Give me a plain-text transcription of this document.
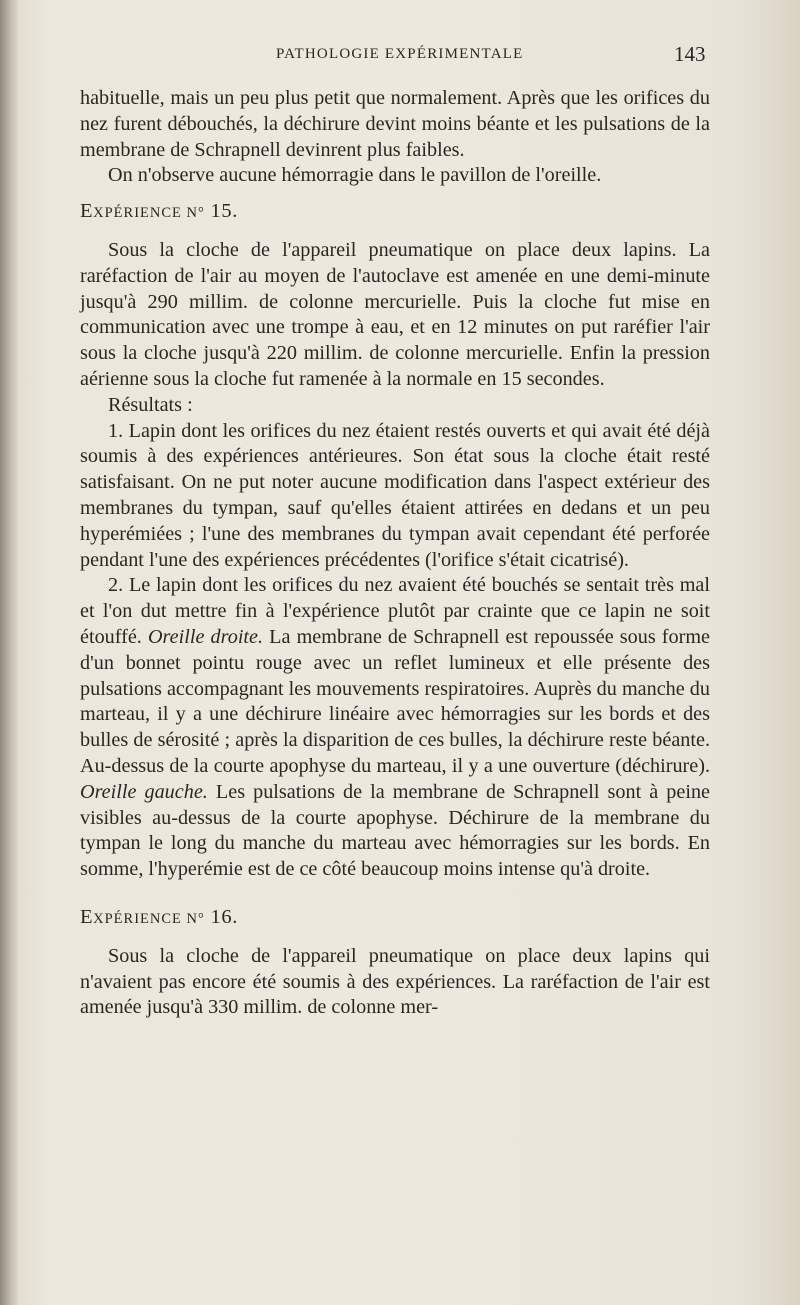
PATHOLOGIE EXPÉRIMENTALE	143

habituelle, mais un peu plus petit que normalement. Après que les orifices du nez furent débouchés, la déchirure devint moins béante et les pulsations de la membrane de Schrapnell devinrent plus faibles.

On n'observe aucune hémorragie dans le pavillon de l'oreille.

EXPÉRIENCE N° 15.

Sous la cloche de l'appareil pneumatique on place deux lapins. La raréfaction de l'air au moyen de l'autoclave est amenée en une demi-minute jusqu'à 290 millim. de colonne mercurielle. Puis la cloche fut mise en communication avec une trompe à eau, et en 12 minutes on put raréfier l'air sous la cloche jusqu'à 220 millim. de colonne mercurielle. Enfin la pression aérienne sous la cloche fut ramenée à la normale en 15 secondes.

Résultats :

1. Lapin dont les orifices du nez étaient restés ouverts et qui avait été déjà soumis à des expériences antérieures. Son état sous la cloche était resté satisfaisant. On ne put noter aucune modification dans l'aspect extérieur des membranes du tympan, sauf qu'elles étaient attirées en dedans et un peu hyperémiées ; l'une des membranes du tympan avait cependant été perforée pendant l'une des expériences précédentes (l'orifice s'était cicatrisé).

2. Le lapin dont les orifices du nez avaient été bouchés se sentait très mal et l'on dut mettre fin à l'expérience plutôt par crainte que ce lapin ne soit étouffé. Oreille droite. La membrane de Schrapnell est repoussée sous forme d'un bonnet pointu rouge avec un reflet lumineux et elle présente des pulsations accompagnant les mouvements respiratoires. Auprès du manche du marteau, il y a une déchirure linéaire avec hémorragies sur les bords et des bulles de sérosité ; après la disparition de ces bulles, la déchirure reste béante. Au-dessus de la courte apophyse du marteau, il y a une ouverture (déchirure). Oreille gauche. Les pulsations de la membrane de Schrapnell sont à peine visibles au-dessus de la courte apophyse. Déchirure de la membrane du tympan le long du manche du marteau avec hémorragies sur les bords. En somme, l'hyperémie est de ce côté beaucoup moins intense qu'à droite.

EXPÉRIENCE N° 16.

Sous la cloche de l'appareil pneumatique on place deux lapins qui n'avaient pas encore été soumis à des expériences. La raréfaction de l'air est amenée jusqu'à 330 millim. de colonne mer-
